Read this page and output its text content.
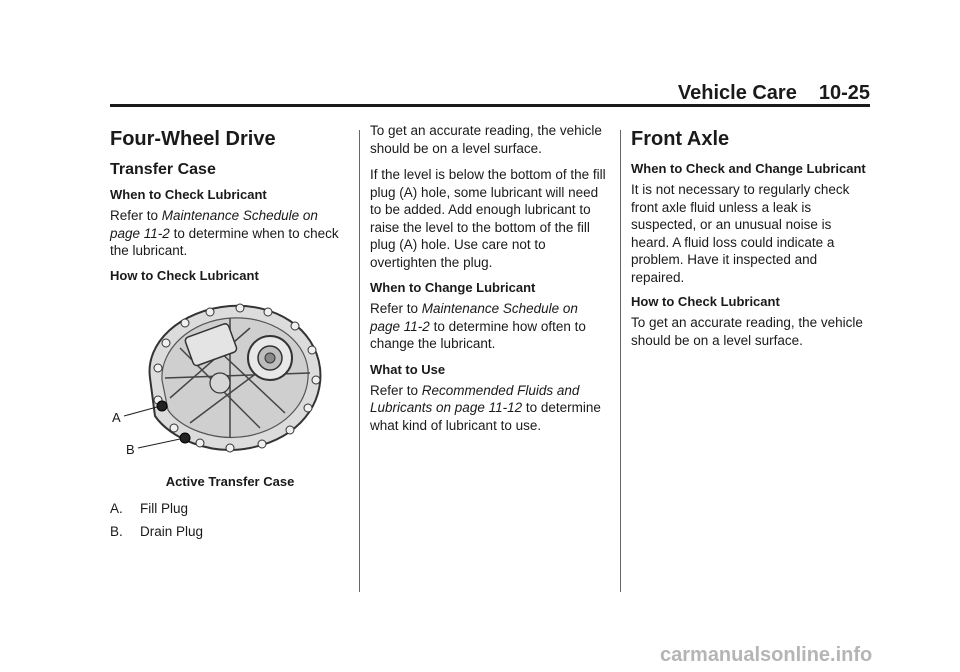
Vehicle Care 10-25
Four-Wheel Drive
Transfer Case
When to Check Lubricant

Refer to Maintenance Schedule on page 11-2 to determine when to check the lubricant.

How to Check Lubricant
A
B
Active Transfer Case
A.	Fill Plug
B.	Drain Plug

To get an accurate reading, the vehicle should be on a level surface.

If the level is below the bottom of the fill plug (A) hole, some lubricant will need to be added. Add enough lubricant to raise the level to the bottom of the fill plug (A) hole. Use care not to overtighten the plug.

When to Change Lubricant

Refer to Maintenance Schedule on page 11-2 to determine how often to change the lubricant.

What to Use

Refer to Recommended Fluids and Lubricants on page 11-12 to determine what kind of lubricant to use.

Front Axle
When to Check and Change Lubricant

It is not necessary to regularly check front axle fluid unless a leak is suspected, or an unusual noise is heard. A fluid loss could indicate a problem. Have it inspected and repaired.

How to Check Lubricant

To get an accurate reading, the vehicle should be on a level surface.

carmanualsonline.info
